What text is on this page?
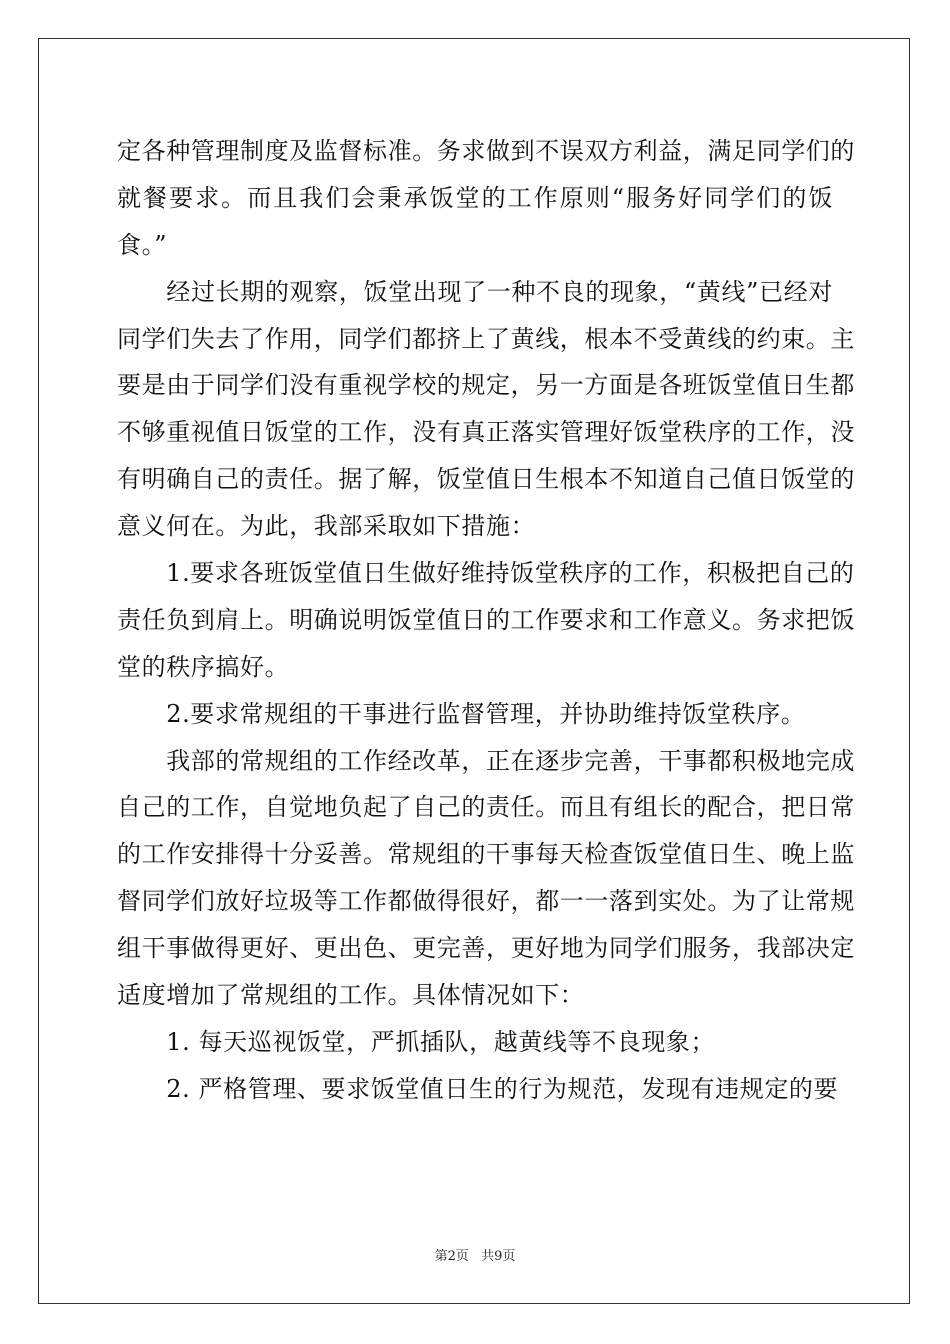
定各种管理制度及监督标准。务求做到不误双方利益，满足同学们的
就餐要求。而且我们会秉承饭堂的工作原则“服务好同学们的饭
食。”
　　经过长期的观察，饭堂出现了一种不良的现象，“黄线”已经对
同学们失去了作用，同学们都挤上了黄线，根本不受黄线的约束。主
要是由于同学们没有重视学校的规定，另一方面是各班饭堂值日生都
不够重视值日饭堂的工作，没有真正落实管理好饭堂秩序的工作，没
有明确自己的责任。据了解，饭堂值日生根本不知道自己值日饭堂的
意义何在。为此，我部采取如下措施：
　　1.要求各班饭堂值日生做好维持饭堂秩序的工作，积极把自己的
责任负到肩上。明确说明饭堂值日的工作要求和工作意义。务求把饭
堂的秩序搞好。
　　2.要求常规组的干事进行监督管理，并协助维持饭堂秩序。
　　我部的常规组的工作经改革，正在逐步完善，干事都积极地完成
自己的工作，自觉地负起了自己的责任。而且有组长的配合，把日常
的工作安排得十分妥善。常规组的干事每天检查饭堂值日生、晚上监
督同学们放好垃圾等工作都做得很好，都一一落到实处。为了让常规
组干事做得更好、更出色、更完善，更好地为同学们服务，我部决定
适度增加了常规组的工作。具体情况如下：
　　1. 每天巡视饭堂，严抓插队，越黄线等不良现象；
　　2. 严格管理、要求饭堂值日生的行为规范，发现有违规定的要
第2页 共9页
